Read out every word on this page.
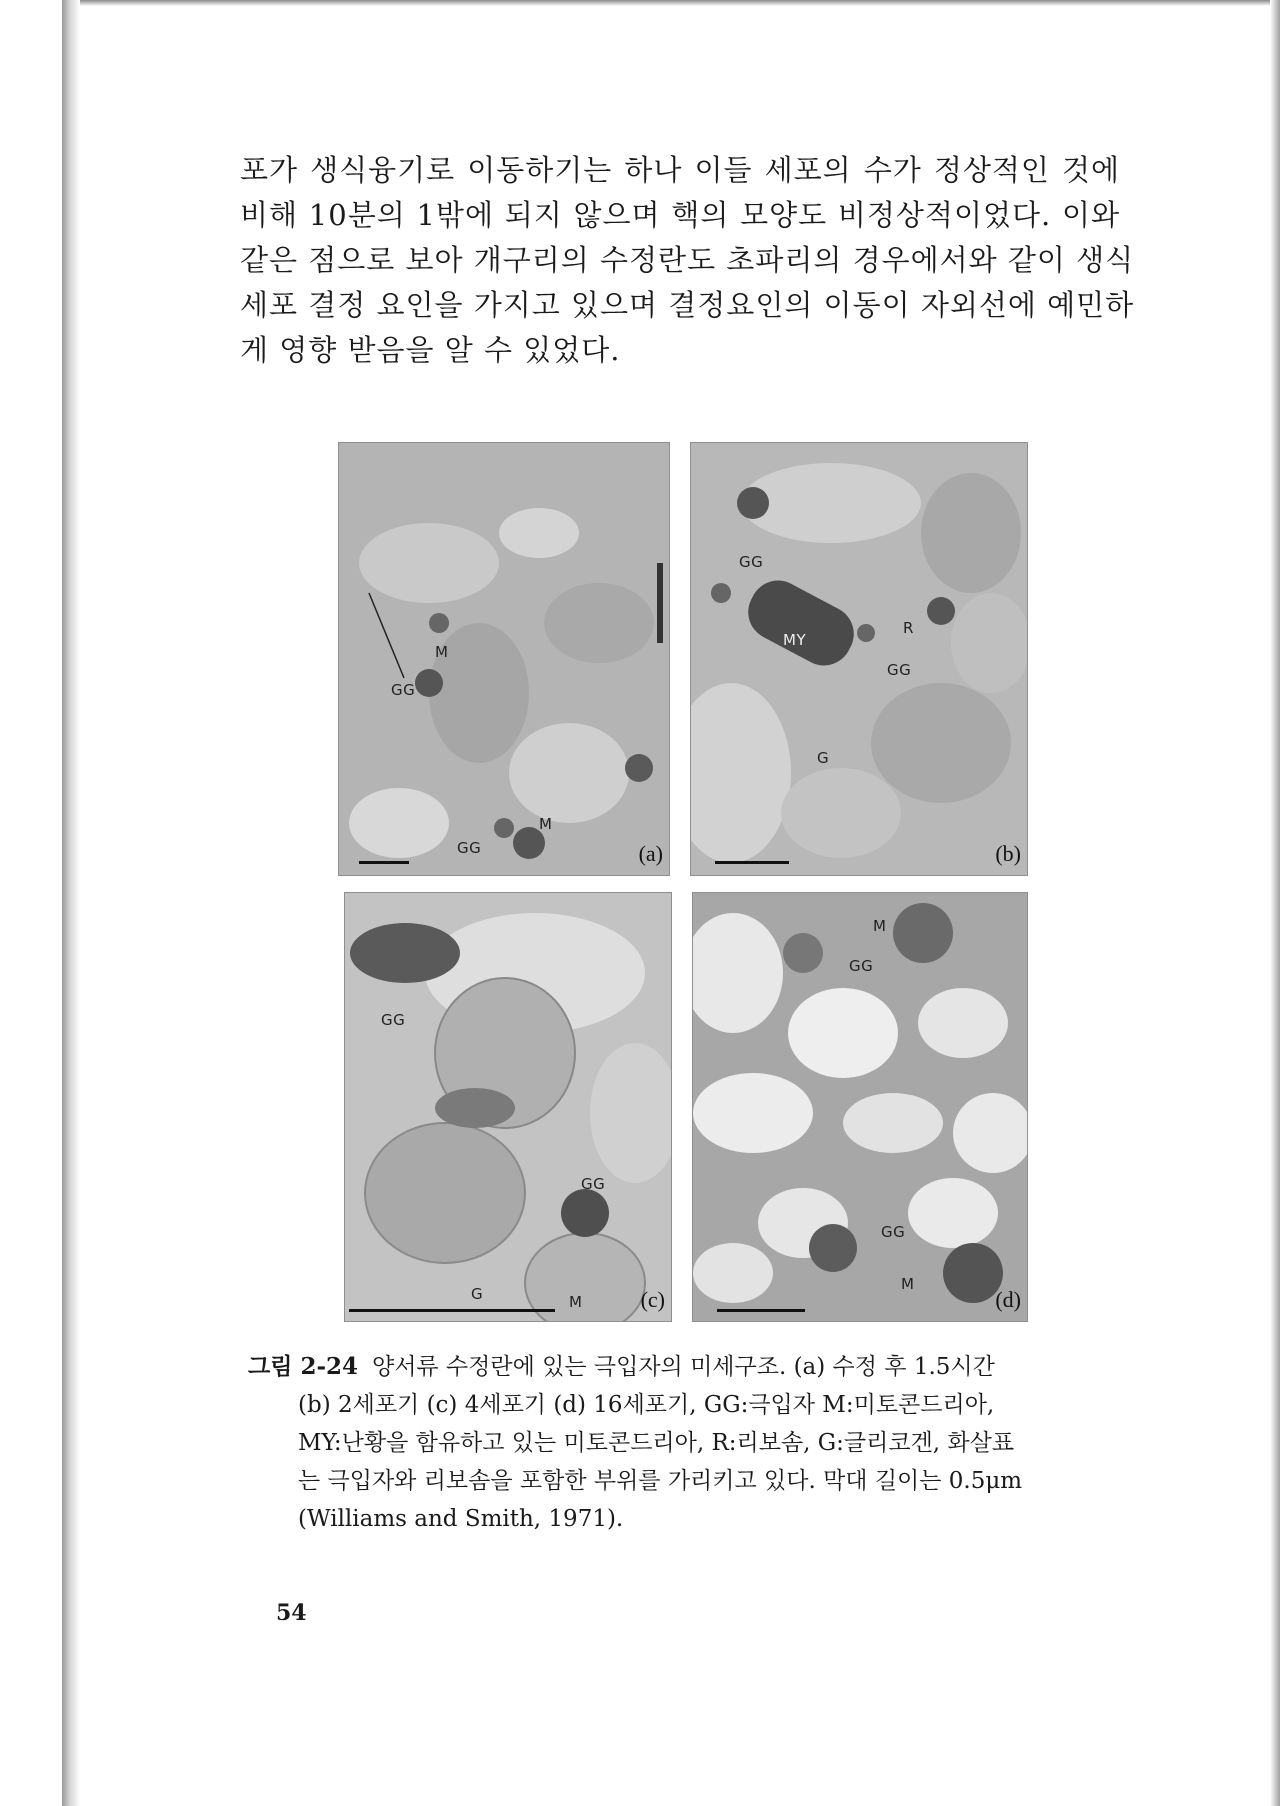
포가 생식융기로 이동하기는 하나 이들 세포의 수가 정상적인 것에
비해 10분의 1밖에 되지 않으며 핵의 모양도 비정상적이었다. 이와
같은 점으로 보아 개구리의 수정란도 초파리의 경우에서와 같이 생식
세포 결정 요인을 가지고 있으며 결정요인의 이동이 자외선에 예민하
게 영향 받음을 알 수 있었다.
M
GG
M
GG	(a)
GG
MY
R
GG
G
(b)
GG
GG
G	M	(c)
M
GG
GG
M
(d)
그림 2-24 양서류 수정란에 있는 극입자의 미세구조. (a) 수정 후 1.5시간
(b) 2세포기 (c) 4세포기 (d) 16세포기, GG:극입자 M:미토콘드리아,
MY:난황을 함유하고 있는 미토콘드리아, R:리보솜, G:글리코겐, 화살표
는 극입자와 리보솜을 포함한 부위를 가리키고 있다. 막대 길이는 0.5μm
(Williams and Smith, 1971).
54
